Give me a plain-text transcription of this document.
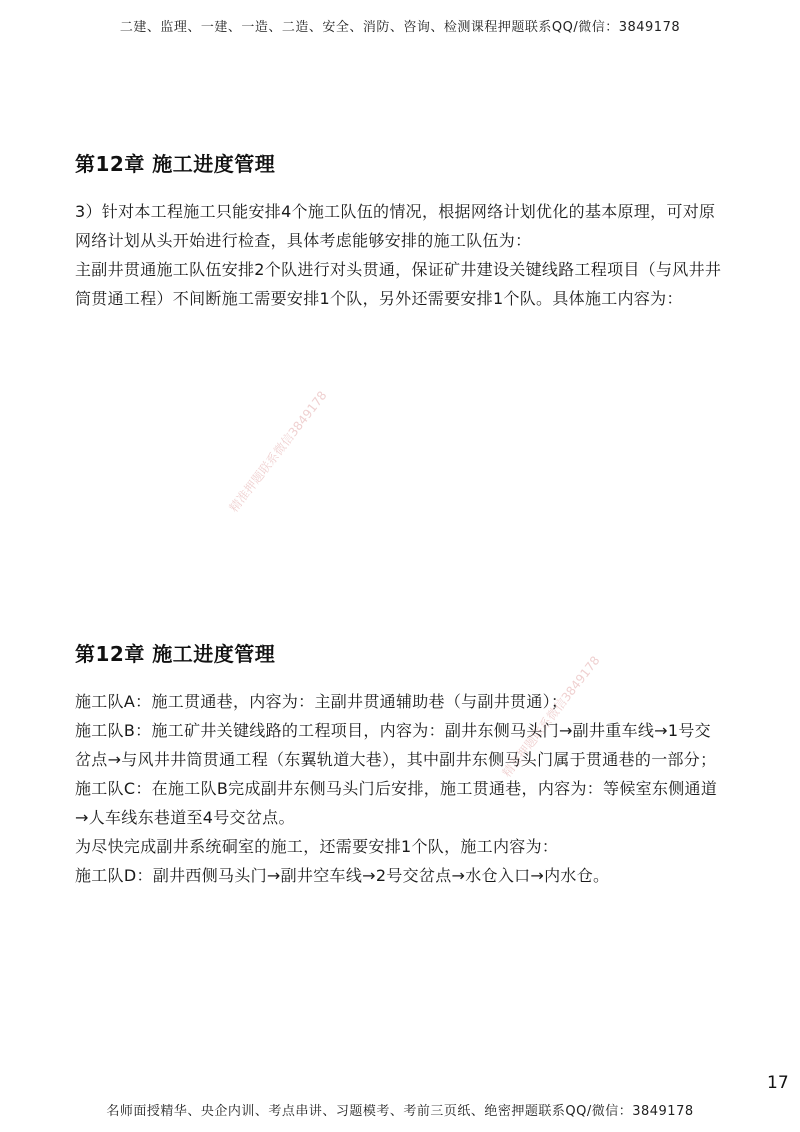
二建、监理、一建、一造、二造、安全、消防、咨询、检测课程押题联系QQ/微信：3849178
精准押题联系微信3849178
精准押题联系微信3849178
第12章 施工进度管理

3）针对本工程施工只能安排4个施工队伍的情况，根据网络计划优化的基本原理，可对原网络计划从头开始进行检查，具体考虑能够安排的施工队伍为：

主副井贯通施工队伍安排2个队进行对头贯通，保证矿井建设关键线路工程项目（与风井井筒贯通工程）不间断施工需要安排1个队，另外还需要安排1个队。具体施工内容为：

第12章 施工进度管理

施工队A：施工贯通巷，内容为：主副井贯通辅助巷（与副井贯通）；

施工队B：施工矿井关键线路的工程项目，内容为：副井东侧马头门→副井重车线→1号交岔点→与风井井筒贯通工程（东翼轨道大巷），其中副井东侧马头门属于贯通巷的一部分；

施工队C：在施工队B完成副井东侧马头门后安排，施工贯通巷，内容为：等候室东侧通道→人车线东巷道至4号交岔点。

为尽快完成副井系统硐室的施工，还需要安排1个队，施工内容为：

施工队D：副井西侧马头门→副井空车线→2号交岔点→水仓入口→内水仓。

17
名师面授精华、央企内训、考点串讲、习题模考、考前三页纸、绝密押题联系QQ/微信：3849178
